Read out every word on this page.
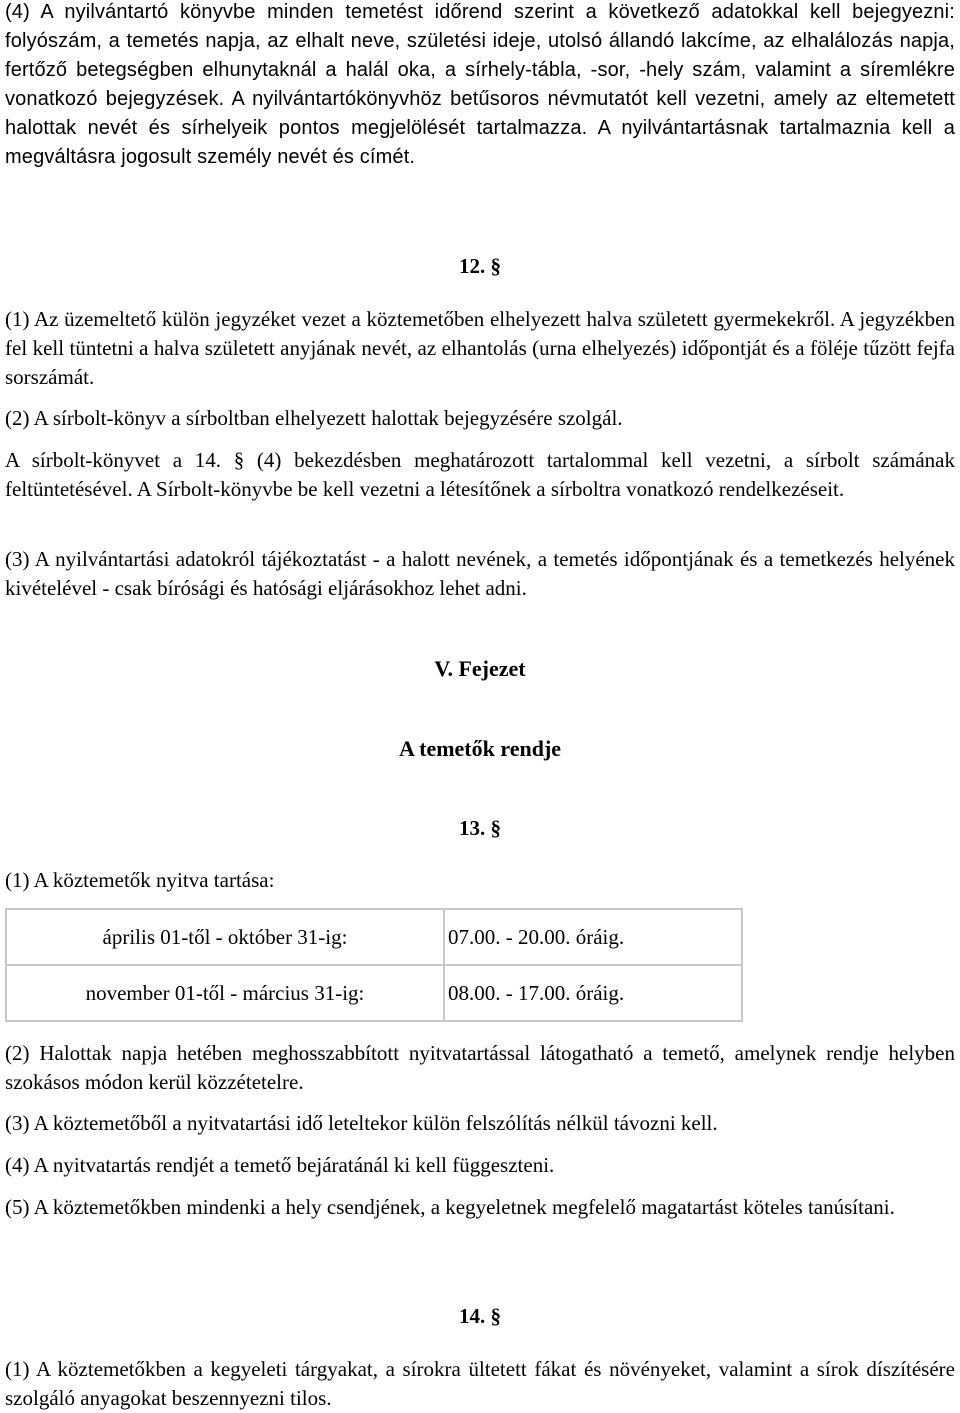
(4) A nyilvántartó könyvbe minden temetést időrend szerint a következő adatokkal kell bejegyezni: folyószám, a temetés napja, az elhalt neve, születési ideje, utolsó állandó lakcíme, az elhalálozás napja, fertőző betegségben elhunytaknál a halál oka, a sírhely-tábla, -sor, -hely szám, valamint a síremlékre vonatkozó bejegyzések. A nyilvántartókönyvhöz betűsoros névmutatót kell vezetni, amely az eltemetett halottak nevét és sírhelyeik pontos megjelölését tartalmazza. A nyilvántartásnak tartalmaznia kell a megváltásra jogosult személy nevét és címét.

12. §

(1) Az üzemeltető külön jegyzéket vezet a köztemetőben elhelyezett halva született gyermekekről. A jegyzékben fel kell tüntetni a halva született anyjának nevét, az elhantolás (urna elhelyezés) időpontját és a föléje tűzött fejfa sorszámát.

(2) A sírbolt-könyv a sírboltban elhelyezett halottak bejegyzésére szolgál.

A sírbolt-könyvet a 14. § (4) bekezdésben meghatározott tartalommal kell vezetni, a sírbolt számának feltüntetésével. A Sírbolt-könyvbe be kell vezetni a létesítőnek a sírboltra vonatkozó rendelkezéseit.

(3) A nyilvántartási adatokról tájékoztatást - a halott nevének, a temetés időpontjának és a temetkezés helyének kivételével - csak bírósági és hatósági eljárásokhoz lehet adni.

V. Fejezet

A temetők rendje

13. §

(1) A köztemetők nyitva tartása:

április 01-től - október 31-ig:	07.00. - 20.00. óráig.
november 01-től - március 31-ig:	08.00. - 17.00. óráig.

(2) Halottak napja hetében meghosszabbított nyitvatartással látogatható a temető, amelynek rendje helyben szokásos módon kerül közzétetelre.

(3) A köztemetőből a nyitvatartási idő leteltekor külön felszólítás nélkül távozni kell.

(4) A nyitvatartás rendjét a temető bejáratánál ki kell függeszteni.

(5) A köztemetőkben mindenki a hely csendjének, a kegyeletnek megfelelő magatartást köteles tanúsítani.

14. §

(1) A köztemetőkben a kegyeleti tárgyakat, a sírokra ültetett fákat és növényeket, valamint a sírok díszítésére szolgáló anyagokat beszennyezni tilos.
